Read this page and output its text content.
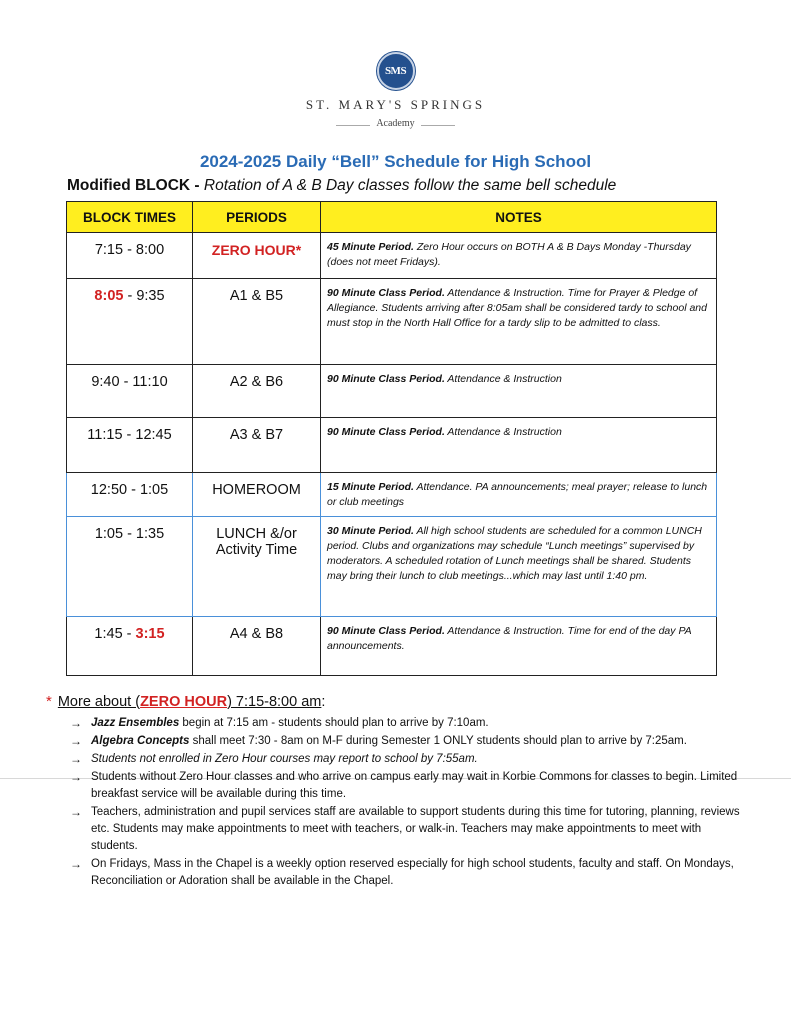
SMS
ST. MARY'S SPRINGS
Academy
2024-2025 Daily “Bell” Schedule for High School
Modified BLOCK - Rotation of A & B Day classes follow the same bell schedule
BLOCK TIMES	PERIODS	NOTES
7:15 - 8:00	ZERO HOUR*	45 Minute Period. Zero Hour occurs on BOTH A & B Days Monday -Thursday (does not meet Fridays).
8:05 - 9:35	A1 & B5	90 Minute Class Period. Attendance & Instruction. Time for Prayer & Pledge of Allegiance. Students arriving after 8:05am shall be considered tardy to school and must stop in the North Hall Office for a tardy slip to be admitted to class.
9:40 - 11:10	A2 & B6	90 Minute Class Period. Attendance & Instruction
11:15 - 12:45	A3 & B7	90 Minute Class Period. Attendance & Instruction
12:50 - 1:05	HOMEROOM	15 Minute Period. Attendance. PA announcements; meal prayer; release to lunch or club meetings
1:05 - 1:35	LUNCH &/or Activity Time	30 Minute Period. All high school students are scheduled for a common LUNCH period. Clubs and organizations may schedule “Lunch meetings” supervised by moderators. A scheduled rotation of Lunch meetings shall be shared. Students may bring their lunch to club meetings...which may last until 1:40 pm.
1:45 - 3:15	A4 & B8	90 Minute Class Period. Attendance & Instruction. Time for end of the day PA announcements.
* More about (ZERO HOUR) 7:15-8:00 am:
→ Jazz Ensembles begin at 7:15 am - students should plan to arrive by 7:10am.
→ Algebra Concepts shall meet 7:30 - 8am on M-F during Semester 1 ONLY students should plan to arrive by 7:25am.
→ Students not enrolled in Zero Hour courses may report to school by 7:55am.
→ Students without Zero Hour classes and who arrive on campus early may wait in Korbie Commons for classes to begin. Limited breakfast service will be available during this time.
→ Teachers, administration and pupil services staff are available to support students during this time for tutoring, planning, reviews etc. Students may make appointments to meet with teachers, or walk-in. Teachers may make appointments to meet with students.
→ On Fridays, Mass in the Chapel is a weekly option reserved especially for high school students, faculty and staff. On Mondays, Reconciliation or Adoration shall be available in the Chapel.
